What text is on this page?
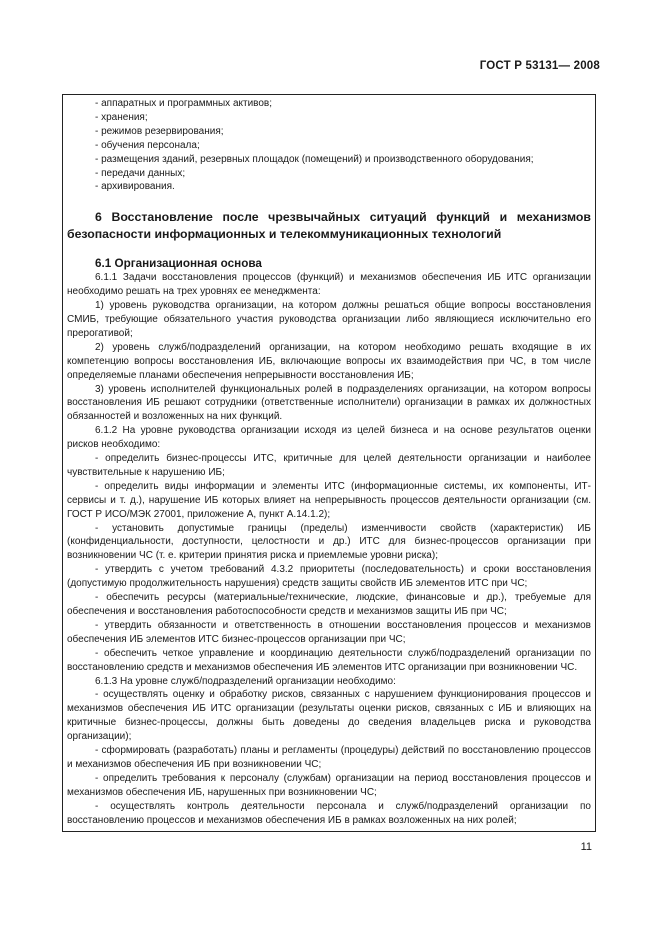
ГОСТ Р 53131— 2008

- аппаратных и программных активов;

- хранения;

- режимов резервирования;

- обучения персонала;

- размещения зданий, резервных площадок (помещений) и производственного оборудования;

- передачи данных;

- архивирования.

6 Восстановление после чрезвычайных ситуаций функций и механизмов безопасности информационных и телекоммуникационных технологий
6.1 Организационная основа

6.1.1 Задачи восстановления процессов (функций) и механизмов обеспечения ИБ ИТС организации необходимо решать на трех уровнях ее менеджмента:

1) уровень руководства организации, на котором должны решаться общие вопросы восстановления СМИБ, требующие обязательного участия руководства организации либо являющиеся исключительно его прерогативой;

2) уровень служб/подразделений организации, на котором необходимо решать входящие в их компетенцию вопросы восстановления ИБ, включающие вопросы их взаимодействия при ЧС, в том числе определяемые планами обеспечения непрерывности восстановления ИБ;

3) уровень исполнителей функциональных ролей в подразделениях организации, на котором вопросы восстановления ИБ решают сотрудники (ответственные исполнители) организации в рамках их должностных обязанностей и возложенных на них функций.

6.1.2 На уровне руководства организации исходя из целей бизнеса и на основе результатов оценки рисков необходимо:

- определить бизнес-процессы ИТС, критичные для целей деятельности организации и наиболее чувствительные к нарушению ИБ;

- определить виды информации и элементы ИТС (информационные системы, их компоненты, ИТ-сервисы и т. д.), нарушение ИБ которых влияет на непрерывность процессов деятельности организации (см. ГОСТ Р ИСО/МЭК 27001, приложение А, пункт А.14.1.2);

- установить допустимые границы (пределы) изменчивости свойств (характеристик) ИБ (конфиденциальности, доступности, целостности и др.) ИТС для бизнес-процессов организации при возникновении ЧС (т. е. критерии принятия риска и приемлемые уровни риска);

- утвердить с учетом требований 4.3.2 приоритеты (последовательность) и сроки восстановления (допустимую продолжительность нарушения) средств защиты свойств ИБ элементов ИТС при ЧС;

- обеспечить ресурсы (материальные/технические, людские, финансовые и др.), требуемые для обеспечения и восстановления работоспособности средств и механизмов защиты ИБ при ЧС;

- утвердить обязанности и ответственность в отношении восстановления процессов и механизмов обеспечения ИБ элементов ИТС бизнес-процессов организации при ЧС;

- обеспечить четкое управление и координацию деятельности служб/подразделений организации по восстановлению средств и механизмов обеспечения ИБ элементов ИТС организации при возникновении ЧС.

6.1.3 На уровне служб/подразделений организации необходимо:

- осуществлять оценку и обработку рисков, связанных с нарушением функционирования процессов и механизмов обеспечения ИБ ИТС организации (результаты оценки рисков, связанных с ИБ и влияющих на критичные бизнес-процессы, должны быть доведены до сведения владельцев риска и руководства организации);

- сформировать (разработать) планы и регламенты (процедуры) действий по восстановлению процессов и механизмов обеспечения ИБ при возникновении ЧС;

- определить требования к персоналу (службам) организации на период восстановления процессов и механизмов обеспечения ИБ, нарушенных при возникновении ЧС;

- осуществлять контроль деятельности персонала и служб/подразделений организации по восстановлению процессов и механизмов обеспечения ИБ в рамках возложенных на них ролей;

11
